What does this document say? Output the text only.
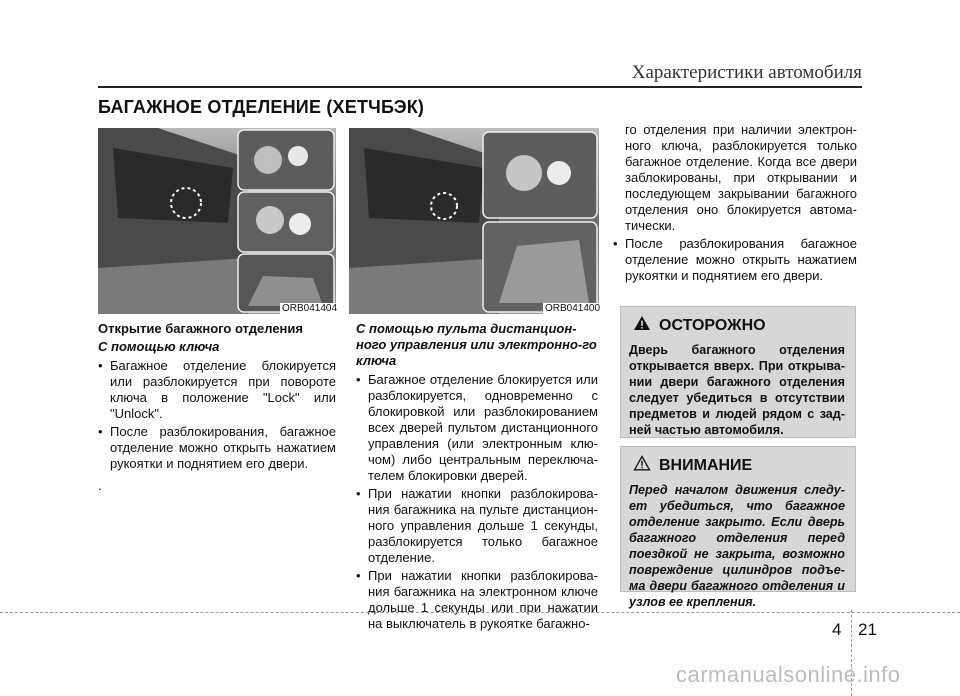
Характеристики автомобиля
БАГАЖНОЕ ОТДЕЛЕНИЕ (ХЕТЧБЭК)
ORB041404	ORB041400
Открытие багажного отделения
С помощью ключа
• Багажное отделение блокируется или разблокируется при повороте ключа в положение "Lock" или "Unlock".
• После разблокирования, багажное отделение можно открыть нажатием рукоятки и поднятием его двери.
.
С помощью пульта дистанцион-ного управления или электронно-го ключа
• Багажное отделение блокируется или разблокируется, одновременно с блокировкой или разблокированием всех дверей пультом дистанционного управления (или электронным клю-чом) либо центральным переключа-телем блокировки дверей.
• При нажатии кнопки разблокирова-ния багажника на пульте дистанцион-ного управления дольше 1 секунды, разблокируется только багажное отделение.
• При нажатии кнопки разблокирова-ния багажника на электронном ключе дольше 1 секунды или при нажатии на выключатель в рукоятке багажно-
го отделения при наличии электрон-ного ключа, разблокируется только багажное отделение. Когда все двери заблокированы, при открывании и последующем закрывании багажного отделения оно блокируется автома-тически.
• После разблокирования багажное отделение можно открыть нажатием рукоятки и поднятием его двери.
ОСТОРОЖНО
Дверь багажного отделения открывается вверх. При открыва-нии двери багажного отделения следует убедиться в отсутствии предметов и людей рядом с зад-ней частью автомобиля.
ВНИМАНИЕ
Перед началом движения следу-ет убедиться, что багажное отделение закрыто. Если дверь багажного отделения перед поездкой не закрыта, возможно повреждение цилиндров подъе-ма двери багажного отделения и узлов ее крепления.
4 21
carmanualsonline.info
